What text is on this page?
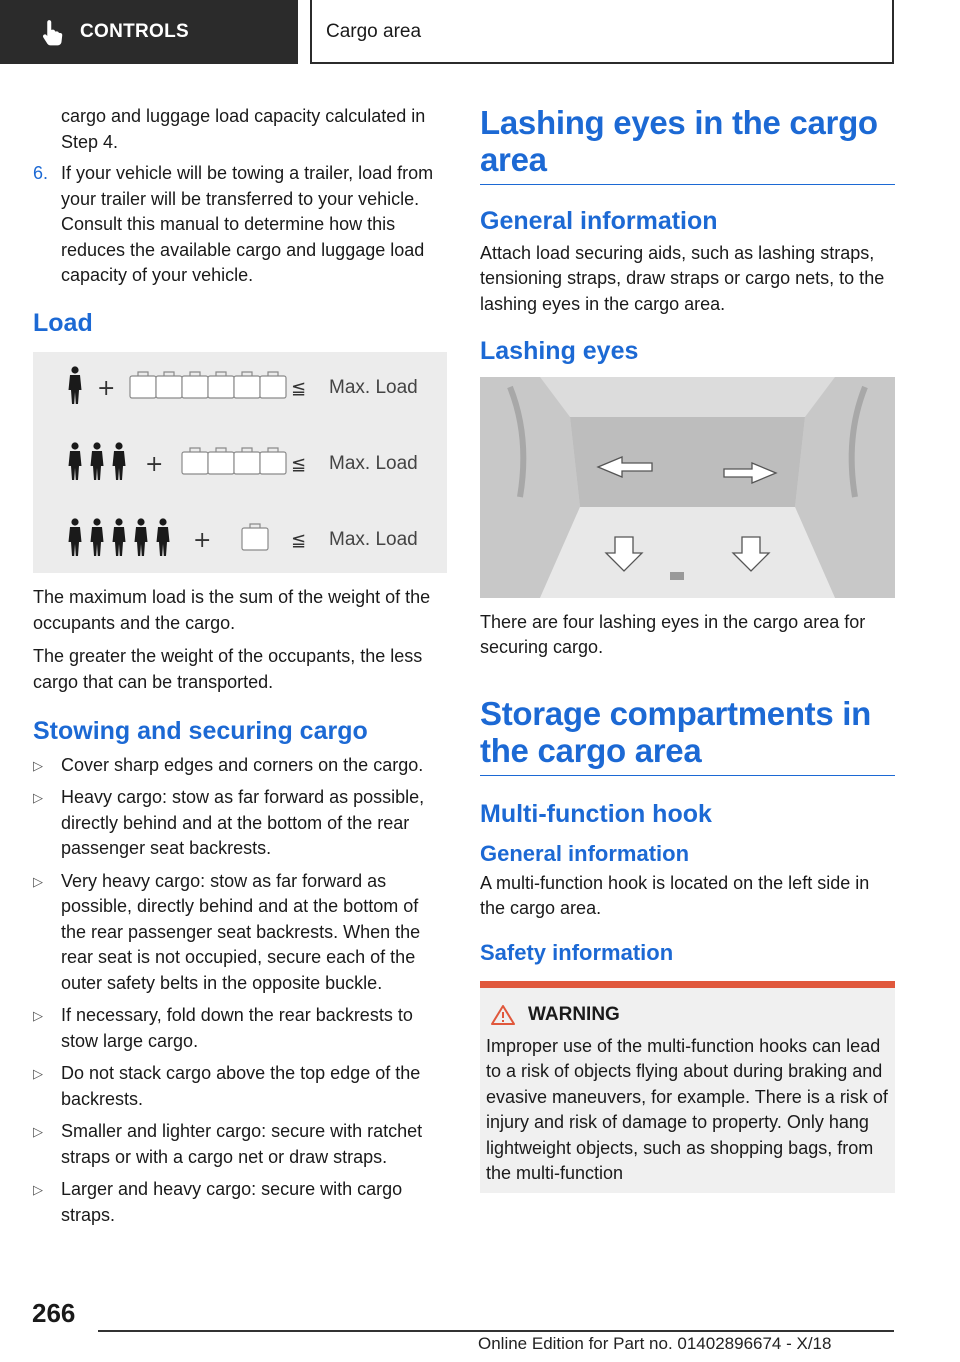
CONTROLS	Cargo area

cargo and luggage load capacity calculated in Step 4.

6. If your vehicle will be towing a trailer, load from your trailer will be transferred to your vehicle. Consult this manual to determine how this reduces the available cargo and luggage load capacity of your vehicle.
Load
+	≦ Max. Load
+	≦ Max. Load
+	≦ Max. Load

The maximum load is the sum of the weight of the occupants and the cargo.

The greater the weight of the occupants, the less cargo that can be transported.

Stowing and securing cargo
▷	Cover sharp edges and corners on the cargo.
▷	Heavy cargo: stow as far forward as possible, directly behind and at the bottom of the rear passenger seat backrests.
▷	Very heavy cargo: stow as far forward as possible, directly behind and at the bottom of the rear passenger seat backrests. When the rear seat is not occupied, secure each of the outer safety belts in the opposite buckle.
▷	If necessary, fold down the rear backrests to stow large cargo.
▷	Do not stack cargo above the top edge of the backrests.
▷	Smaller and lighter cargo: secure with ratchet straps or with a cargo net or draw straps.
▷	Larger and heavy cargo: secure with cargo straps.
Lashing eyes in the cargo area
General information

Attach load securing aids, such as lashing straps, tensioning straps, draw straps or cargo nets, to the lashing eyes in the cargo area.

Lashing eyes

There are four lashing eyes in the cargo area for securing cargo.

Storage compartments in the cargo area
Multi-function hook
General information

A multi-function hook is located on the left side in the cargo area.

Safety information
WARNING

Improper use of the multi-function hooks can lead to a risk of objects flying about during braking and evasive maneuvers, for example. There is a risk of injury and risk of damage to property. Only hang lightweight objects, such as shopping bags, from the multi-function

266
Online Edition for Part no. 01402896674 - X/18
